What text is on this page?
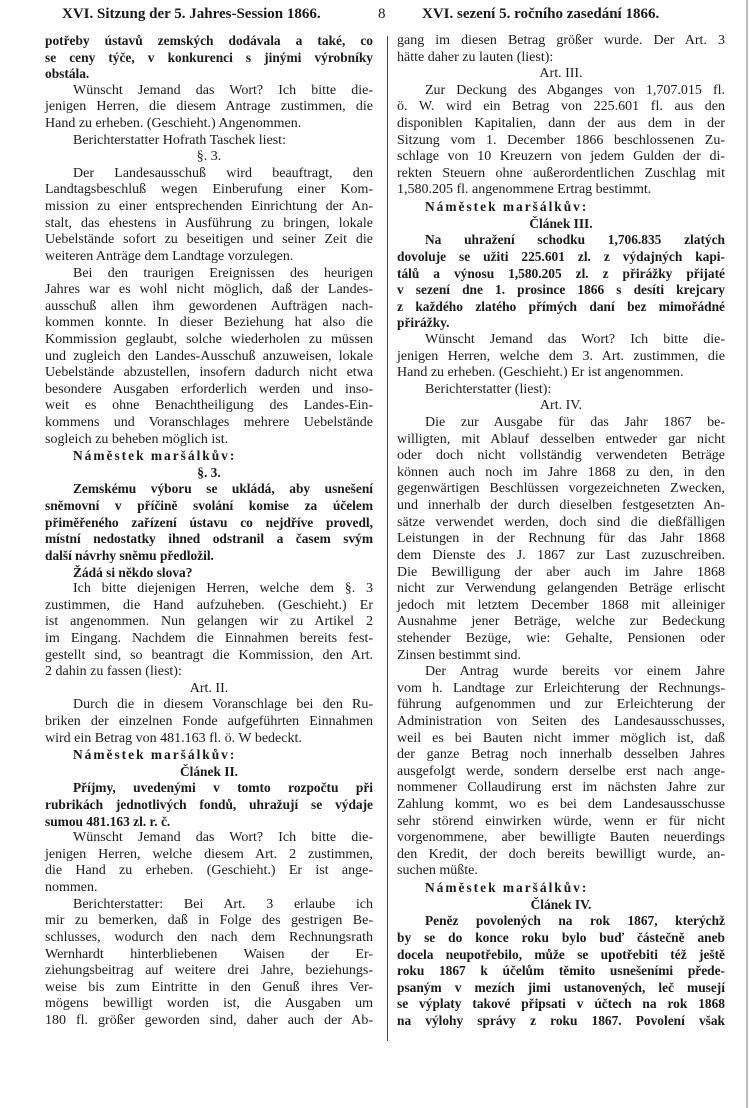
XVI. Sitzung der 5. Jahres-Session 1866.	8 XVI. sezení 5. ročního zasedání 1866.
potřeby ústavů zemských dodávala a také, co
se ceny týče, v konkurenci s jinými výrobníky
obstála.
Wünscht Jemand das Wort? Ich bitte die-
jenigen Herren, die diesem Antrage zustimmen, die
Hand zu erheben. (Geschieht.) Angenommen.
Berichterstatter Hofrath Taschek liest:
§. 3.
Der Landesausschuß wird beauftragt, den
Landtagsbeschluß wegen Einberufung einer Kom-
mission zu einer entsprechenden Einrichtung der An-
stalt, das ehestens in Ausführung zu bringen, lokale
Uebelstände sofort zu beseitigen und seiner Zeit die
weiteren Anträge dem Landtage vorzulegen.
Bei den traurigen Ereignissen des heurigen
Jahres war es wohl nicht möglich, daß der Landes-
ausschuß allen ihm gewordenen Aufträgen nach-
kommen konnte. In dieser Beziehung hat also die
Kommission geglaubt, solche wiederholen zu müssen
und zugleich den Landes-Ausschuß anzuweisen, lokale
Uebelstände abzustellen, insofern dadurch nicht etwa
besondere Ausgaben erforderlich werden und inso-
weit es ohne Benachtheiligung des Landes-Ein-
kommens und Voranschlages mehrere Uebelstände
sogleich zu beheben möglich ist.
Náměstek maršálkův:
§. 3.
Zemskému výboru se ukládá, aby usnešení
sněmovní v příčině svolání komise za účelem
přiměřeného zařízení ústavu co nejdříve provedl,
místní nedostatky ihned odstranil a časem svým
další návrhy sněmu předložil.
Žádá si někdo slova?
Ich bitte diejenigen Herren, welche dem §. 3
zustimmen, die Hand aufzuheben. (Geschieht.) Er
ist angenommen. Nun gelangen wir zu Artikel 2
im Eingang. Nachdem die Einnahmen bereits fest-
gestellt sind, so beantragt die Kommission, den Art.
2 dahin zu fassen (liest):
Art. II.
Durch die in diesem Voranschlage bei den Ru-
briken der einzelnen Fonde aufgeführten Einnahmen
wird ein Betrag von 481.163 fl. ö. W bedeckt.
Náměstek maršálkův:
Článek II.
Příjmy, uvedenými v tomto rozpočtu při
rubrikách jednotlivých fondů, uhražují se výdaje
sumou 481.163 zl. r. č.
Wünscht Jemand das Wort? Ich bitte die-
jenigen Herren, welche diesem Art. 2 zustimmen,
die Hand zu erheben. (Geschieht.) Er ist ange-
nommen.
Berichterstatter: Bei Art. 3 erlaube ich
mir zu bemerken, daß in Folge des gestrigen Be-
schlusses, wodurch den nach dem Rechnungsrath
Wernhardt hinterbliebenen Waisen der Er-
ziehungsbeitrag auf weitere drei Jahre, beziehungs-
weise bis zum Eintritte in den Genuß ihres Ver-
mögens bewilligt worden ist, die Ausgaben um
180 fl. größer geworden sind, daher auch der Ab-
gang im diesen Betrag größer wurde. Der Art. 3
hätte daher zu lauten (liest):
Art. III.
Zur Deckung des Abganges von 1,707.015 fl.
ö. W. wird ein Betrag von 225.601 fl. aus den
disponiblen Kapitalien, dann der aus dem in der
Sitzung vom 1. December 1866 beschlossenen Zu-
schlage von 10 Kreuzern von jedem Gulden der di-
rekten Steuern ohne außerordentlichen Zuschlag mit
1,580.205 fl. angenommene Ertrag bestimmt.
Náměstek maršálkův:
Článek III.
Na uhražení schodku 1,706.835 zlatých
dovoluje se užiti 225.601 zl. z výdajných kapi-
tálů a výnosu 1,580.205 zl. z přirážky přijaté
v sezení dne 1. prosince 1866 s desíti krejcary
z každého zlatého přímých daní bez mimořádné
přirážky.
Wünscht Jemand das Wort? Ich bitte die-
jenigen Herren, welche dem 3. Art. zustimmen, die
Hand zu erheben. (Geschieht.) Er ist angenommen.
Berichterstatter (liest):
Art. IV.
Die zur Ausgabe für das Jahr 1867 be-
willigten, mit Ablauf desselben entweder gar nicht
oder doch nicht vollständig verwendeten Beträge
können auch noch im Jahre 1868 zu den, in den
gegenwärtigen Beschlüssen vorgezeichneten Zwecken,
und innerhalb der durch dieselben festgesetzten An-
sätze verwendet werden, doch sind die dießfälligen
Leistungen in der Rechnung für das Jahr 1868
dem Dienste des J. 1867 zur Last zuzuschreiben.
Die Bewilligung der aber auch im Jahre 1868
nicht zur Verwendung gelangenden Beträge erlischt
jedoch mit letztem December 1868 mit alleiniger
Ausnahme jener Beträge, welche zur Bedeckung
stehender Bezüge, wie: Gehalte, Pensionen oder
Zinsen bestimmt sind.
Der Antrag wurde bereits vor einem Jahre
vom h. Landtage zur Erleichterung der Rechnungs-
führung aufgenommen und zur Erleichterung der
Administration von Seiten des Landesausschusses,
weil es bei Bauten nicht immer möglich ist, daß
der ganze Betrag noch innerhalb desselben Jahres
ausgefolgt werde, sondern derselbe erst nach ange-
nommener Collaudirung erst im nächsten Jahre zur
Zahlung kommt, wo es bei dem Landesausschusse
sehr störend einwirken würde, wenn er für nicht
vorgenommene, aber bewilligte Bauten neuerdings
den Kredit, der doch bereits bewilligt wurde, an-
suchen müßte.
Náměstek maršálkův:
Článek IV.
Peněz povolených na rok 1867, kterýchž
by se do konce roku bylo buď částečně aneb
docela neupotřebilo, může se upotřebiti též ještě
roku 1867 k účelům těmito usnešeními přede-
psaným v mezích jimi ustanovených, leč musejí
se výplaty takové připsati v účtech na rok 1868
na výlohy správy z roku 1867. Povolení však
